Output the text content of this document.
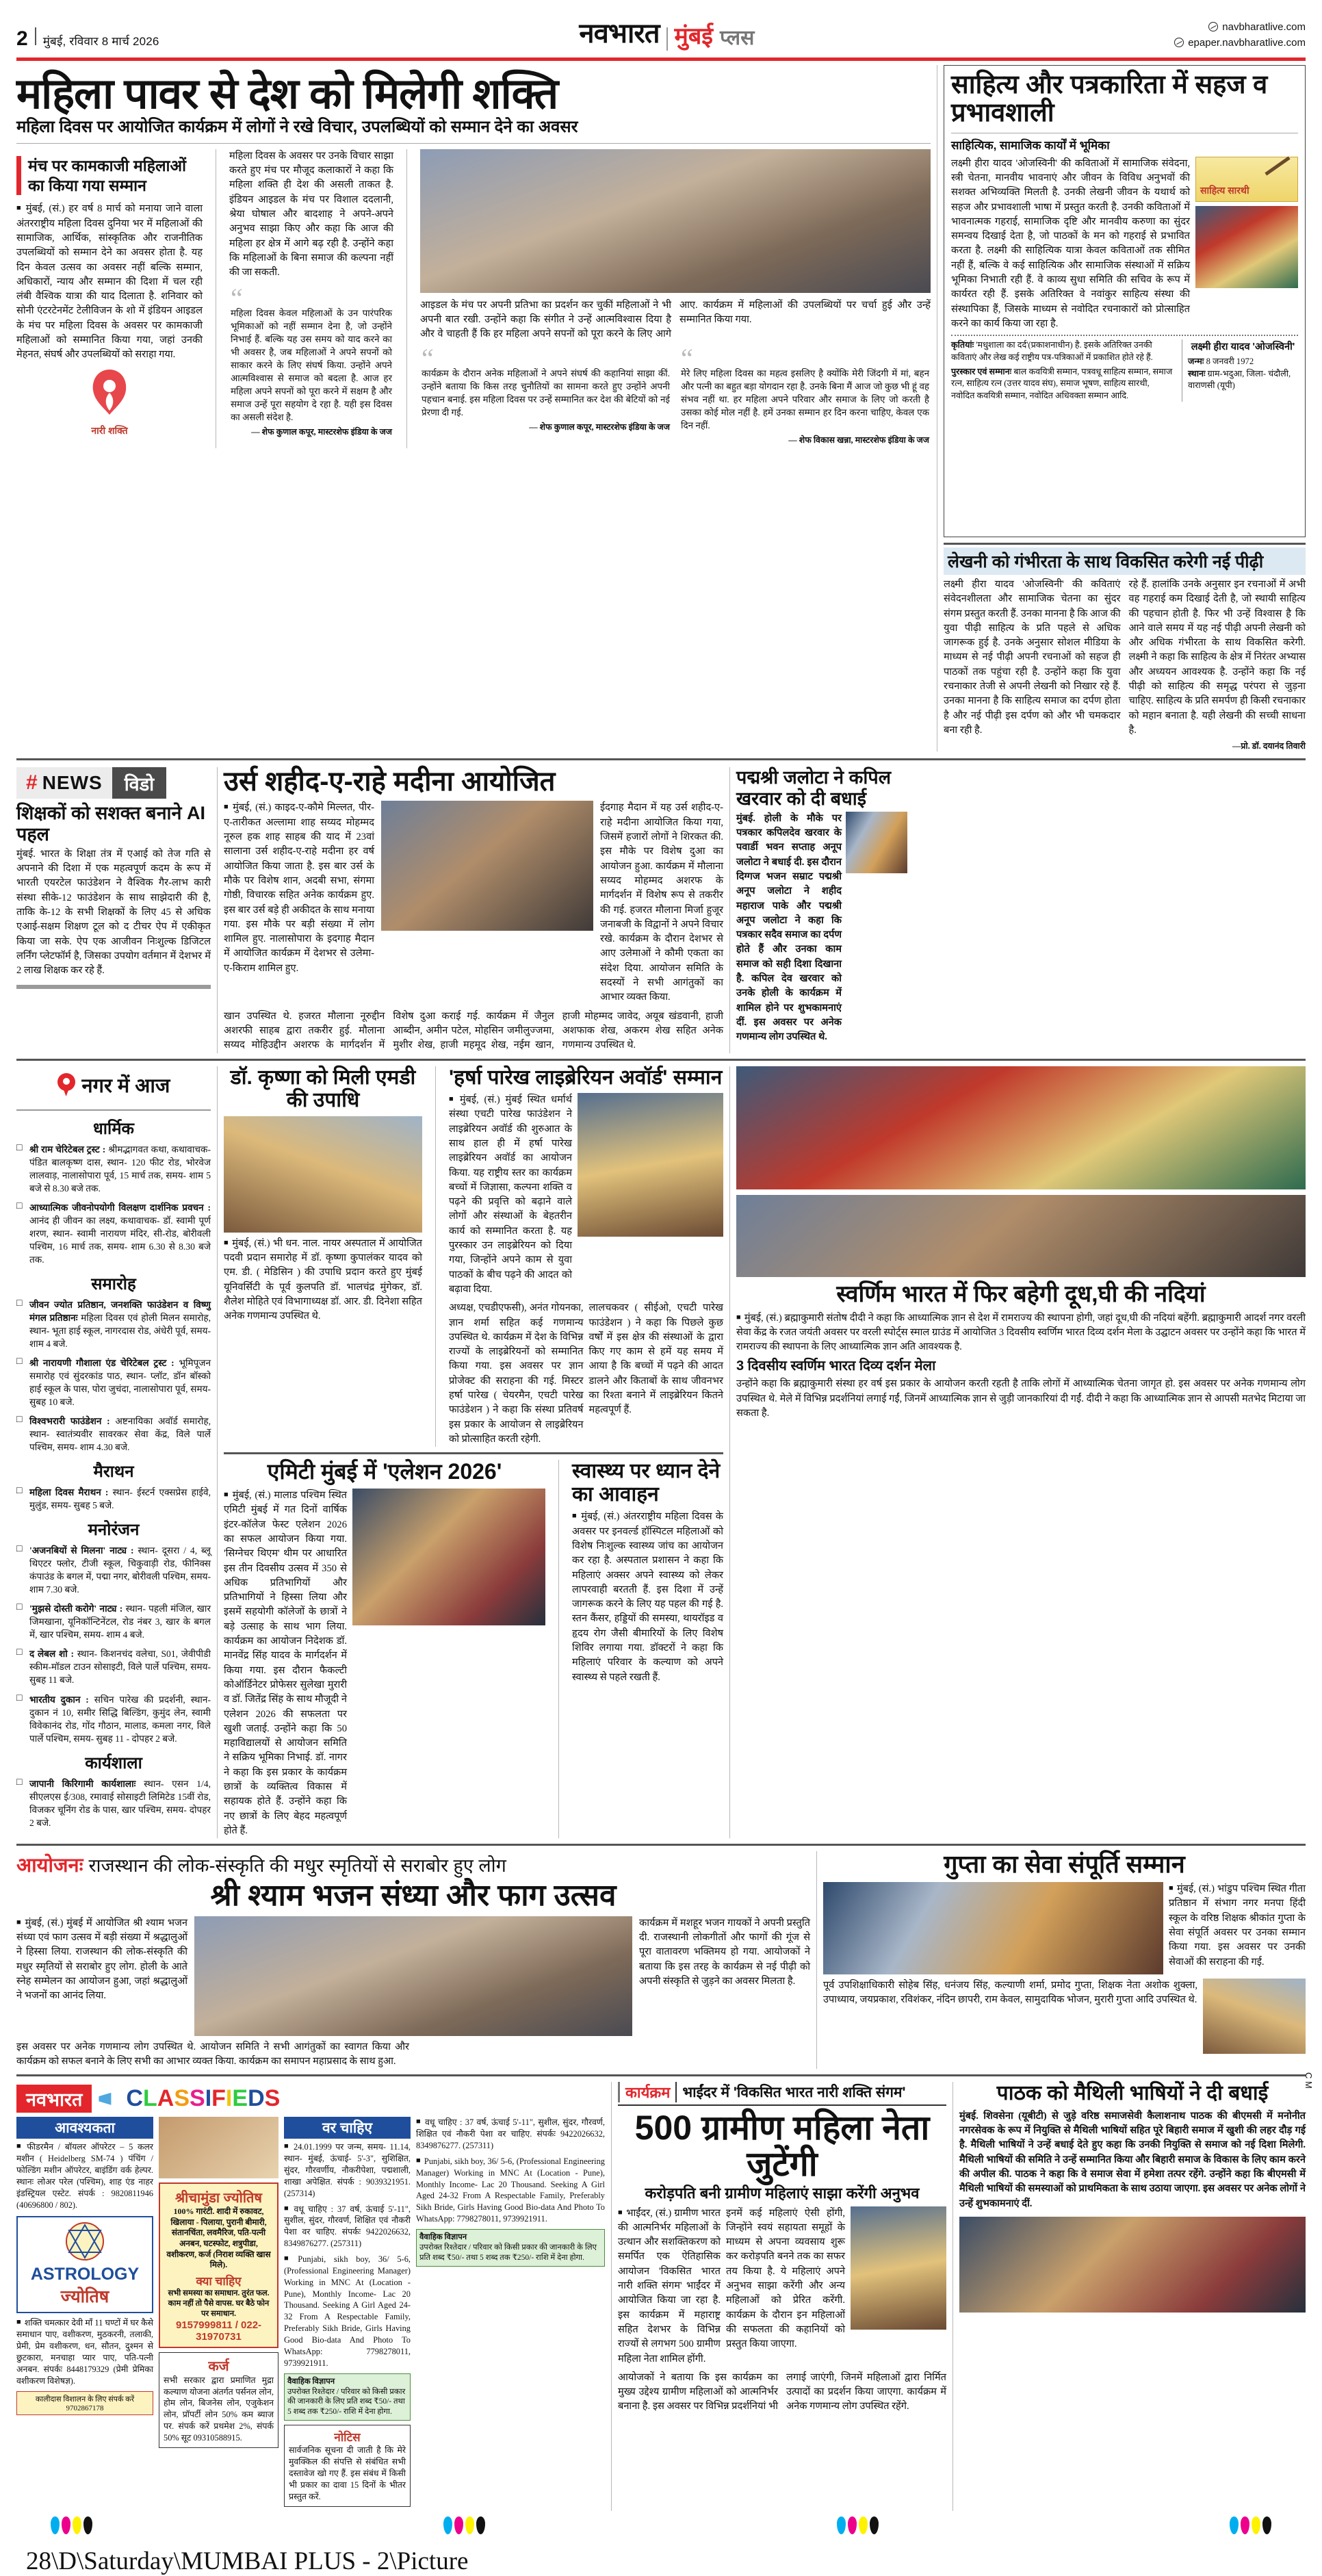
2 मुंबई, रविवार 8 मार्च 2026	नवभारत मुंबई प्लस	navbharatlive.com
epaper.navbharatlive.com
महिला पावर से देश को मिलेगी शक्ति
महिला दिवस पर आयोजित कार्यक्रम में लोगों ने रखे विचार, उपलब्धियों को सम्मान देने का अवसर
मंच पर कामकाजी महिलाओं का किया गया सम्मान
■ मुंबई, (सं.) हर वर्ष 8 मार्च को मनाया जाने वाला अंतरराष्ट्रीय महिला दिवस दुनिया भर में महिलाओं की सामाजिक, आर्थिक, सांस्कृतिक और राजनीतिक उपलब्धियों को सम्मान देने का अवसर होता है. यह दिन केवल उत्सव का अवसर नहीं बल्कि सम्मान, अधिकारों, न्याय और सम्मान की दिशा में चल रही लंबी वैश्विक यात्रा की याद दिलाता है. शनिवार को सोनी एंटरटेनमेंट टेलीविजन के शो में इंडियन आइडल के मंच पर महिला दिवस के अवसर पर कामकाजी महिलाओं को सम्मानित किया गया, जहां उनकी मेहनत, संघर्ष और उपलब्धियों को सराहा गया.
नारी शक्ति
महिला दिवस के अवसर पर उनके विचार साझा करते हुए मंच पर मौजूद कलाकारों ने कहा कि महिला शक्ति ही देश की असली ताकत है. इंडियन आइडल के मंच पर विशाल ददलानी, श्रेया घोषाल और बादशाह ने अपने-अपने अनुभव साझा किए और कहा कि आज की महिला हर क्षेत्र में आगे बढ़ रही है. उन्होंने कहा कि महिलाओं के बिना समाज की कल्पना नहीं की जा सकती.
“
महिला दिवस केवल महिलाओं के उन पारंपरिक भूमिकाओं को नहीं सम्मान देना है, जो उन्होंने निभाई हैं. बल्कि यह उस समय को याद करने का भी अवसर है, जब महिलाओं ने अपने सपनों को साकार करने के लिए संघर्ष किया. उन्होंने अपने आत्मविश्वास से समाज को बदला है. आज हर महिला अपने सपनों को पूरा करने में सक्षम है और समाज उन्हें पूरा सहयोग दे रहा है. यही इस दिवस का असली संदेश है.
— शेफ कुणाल कपूर, मास्टरशेफ इंडिया के जज
आइडल के मंच पर अपनी प्रतिभा का प्रदर्शन कर चुकीं महिलाओं ने भी अपनी बात रखी. उन्होंने कहा कि संगीत ने उन्हें आत्मविश्वास दिया है और वे चाहती हैं कि हर महिला अपने सपनों को पूरा करने के लिए आगे आए. कार्यक्रम में महिलाओं की उपलब्धियों पर चर्चा हुई और उन्हें सम्मानित किया गया.
“
कार्यक्रम के दौरान अनेक महिलाओं ने अपने संघर्ष की कहानियां साझा कीं. उन्होंने बताया कि किस तरह चुनौतियों का सामना करते हुए उन्होंने अपनी पहचान बनाई. इस महिला दिवस पर उन्हें सम्मानित कर देश की बेटियों को नई प्रेरणा दी गई.
— शेफ कुणाल कपूर, मास्टरशेफ इंडिया के जज
“
मेरे लिए महिला दिवस का महत्व इसलिए है क्योंकि मेरी जिंदगी में मां, बहन और पत्नी का बहुत बड़ा योगदान रहा है. उनके बिना मैं आज जो कुछ भी हूं वह संभव नहीं था. हर महिला अपने परिवार और समाज के लिए जो करती है उसका कोई मोल नहीं है. हमें उनका सम्मान हर दिन करना चाहिए, केवल एक दिन नहीं.
— शेफ विकास खन्ना, मास्टरशेफ इंडिया के जज
साहित्य और पत्रकारिता में सहज व प्रभावशाली
साहित्यिक, सामाजिक कार्यों में भूमिका
लक्ष्मी हीरा यादव 'ओजस्विनी' की कविताओं में सामाजिक संवेदना, स्त्री चेतना, मानवीय भावनाएं और जीवन के विविध अनुभवों की सशक्त अभिव्यक्ति मिलती है. उनकी लेखनी जीवन के यथार्थ को सहज और प्रभावशाली भाषा में प्रस्तुत करती है. उनकी कविताओं में भावनात्मक गहराई, सामाजिक दृष्टि और मानवीय करुणा का सुंदर समन्वय दिखाई देता है, जो पाठकों के मन को गहराई से प्रभावित करता है. लक्ष्मी की साहित्यिक यात्रा केवल कविताओं तक सीमित नहीं हैं, बल्कि वे कई साहित्यिक और सामाजिक संस्थाओं में सक्रिय भूमिका निभाती रही हैं. वे काव्य सुधा समिति की सचिव के रूप में कार्यरत रही हैं. इसके अतिरिक्त वे नवांकुर साहित्य संस्था की संस्थापिका हैं, जिसके माध्यम से नवोदित रचनाकारों को प्रोत्साहित करने का कार्य किया जा रहा है.
साहित्य सारथी
कृतियांः 'मधुशाला का दर्द'(प्रकाशनाधीन) है. इसके अतिरिक्त उनकी कविताएं और लेख कई राष्ट्रीय पत्र-पत्रिकाओं में प्रकाशित होते रहे हैं.
पुरस्कार एवं सम्मानः बाल कवयित्री सम्मान, पत्रवधू साहित्य सम्मान, समाज रत्न, साहित्य रत्न (उत्तर यादव संघ), समाज भूषण, साहित्य सारथी, नवोदित कवयित्री सम्मान, नवोदित अधिवक्ता सम्मान आदि.
लक्ष्मी हीरा यादव 'ओजस्विनी'
जन्मः 8 जनवरी 1972
स्थानः ग्राम-भदुआ, जिला- चंदौली, वाराणसी (यूपी)
लेखनी को गंभीरता के साथ विकसित करेगी नई पीढ़ी
लक्ष्मी हीरा यादव 'ओजस्विनी' की कविताएं संवेदनशीलता और सामाजिक चेतना का सुंदर संगम प्रस्तुत करती हैं. उनका मानना है कि आज की युवा पीढ़ी साहित्य के प्रति पहले से अधिक जागरूक हुई है. उनके अनुसार सोशल मीडिया के माध्यम से नई पीढ़ी अपनी रचनाओं को सहज ही पाठकों तक पहुंचा रही है. उन्होंने कहा कि युवा रचनाकार तेजी से अपनी लेखनी को निखार रहे हैं. उनका मानना है कि साहित्य समाज का दर्पण होता है और नई पीढ़ी इस दर्पण को और भी चमकदार बना रही है.
रहे हैं. हालांकि उनके अनुसार इन रचनाओं में अभी वह गहराई कम दिखाई देती है, जो स्थायी साहित्य की पहचान होती है. फिर भी उन्हें विश्वास है कि आने वाले समय में यह नई पीढ़ी अपनी लेखनी को और अधिक गंभीरता के साथ विकसित करेगी. लक्ष्मी ने कहा कि साहित्य के क्षेत्र में निरंतर अभ्यास और अध्ययन आवश्यक है. उन्होंने कहा कि नई पीढ़ी को साहित्य की समृद्ध परंपरा से जुड़ना चाहिए. साहित्य के प्रति समर्पण ही किसी रचनाकार को महान बनाता है. यही लेखनी की सच्ची साधना है.
—प्रो. डॉ. दयानंद तिवारी
# NEWS	विडो
शिक्षकों को सशक्त बनाने AI पहल
मुंबई. भारत के शिक्षा तंत्र में एआई को तेज गति से अपनाने की दिशा में एक महत्वपूर्ण कदम के रूप में भारती एयरटेल फाउंडेशन ने वैश्विक गैर-लाभ कारी संस्था सीके-12 फाउंडेशन के साथ साझेदारी की है, ताकि के-12 के सभी शिक्षकों के लिए 45 से अधिक एआई-सक्षम शिक्षण टूल को द टीचर ऐप में एकीकृत किया जा सके. ऐप एक आजीवन निःशुल्क डिजिटल लर्निंग प्लेटफॉर्म है, जिसका उपयोग वर्तमान में देशभर में 2 लाख शिक्षक कर रहे हैं.
उर्स शहीद-ए-राहे मदीना आयोजित
■ मुंबई, (सं.) काइद-ए-कौमे मिल्लत, पीर-ए-तारीकत अल्लामा शाह सय्यद मोहम्मद नूरुल हक शाह साहब की याद में 23वां सालाना उर्स शहीद-ए-राहे मदीना हर वर्ष आयोजित किया जाता है. इस बार उर्स के मौके पर विशेष शान, अदबी सभा, संगमा गोष्ठी, विचारक सहित अनेक कार्यक्रम हुए. इस बार उर्स बड़े ही अकीदत के साथ मनाया गया. इस मौके पर बड़ी संख्या में लोग शामिल हुए. नालासोपारा के इदगाह मैदान में आयोजित कार्यक्रम में देशभर से उलेमा-ए-किराम शामिल हुए.
ईदगाह मैदान में यह उर्स शहीद-ए-राहे मदीना आयोजित किया गया, जिसमें हजारों लोगों ने शिरकत की. इस मौके पर विशेष दुआ का आयोजन हुआ. कार्यक्रम में मौलाना सय्यद मोहम्मद अशरफ के मार्गदर्शन में विशेष रूप से तकरीर की गई. हजरत मौलाना मिर्जा हुजूर जनाबजी के विद्वानों ने अपने विचार रखे. कार्यक्रम के दौरान देशभर से आए उलेमाओं ने कौमी एकता का संदेश दिया. आयोजन समिति के सदस्यों ने सभी आगंतुकों का आभार व्यक्त किया.
खान उपस्थित थे. हजरत मौलाना नूरुद्दीन अशरफी साहब द्वारा तकरीर हुई. मौलाना सय्यद मोहिउद्दीन अशरफ के मार्गदर्शन में विशेष दुआ कराई गई. कार्यक्रम में जैनुल आब्दीन, अमीन पटेल, मोहसिन जमीलुज्जमा, मुशीर शेख, हाजी महमूद शेख, नईम खान, हाजी मोहम्मद जावेद, अयूब खंडवानी, हाजी अशफाक शेख, अकरम शेख सहित अनेक गणमान्य उपस्थित थे.
पद्मश्री जलोटा ने कपिल खरवार को दी बधाई
मुंबई. होली के मौके पर पत्रकार कपिलदेव खरवार के पवार्डी भवन सप्ताह अनूप जलोटा ने बधाई दी. इस दौरान दिग्गज भजन सम्राट पद्मश्री अनूप जलोटा ने शहीद महाराज पाके और पद्मश्री अनूप जलोटा ने कहा कि पत्रकार सदैव समाज का दर्पण होते हैं और उनका काम समाज को सही दिशा दिखाना है. कपिल देव खरवार को उनके होली के कार्यक्रम में शामिल होने पर शुभकामनाएं दीं. इस अवसर पर अनेक गणमान्य लोग उपस्थित थे.
नगर में आज
धार्मिक
□ श्री राम चेरिटेबल ट्रस्ट : श्रीमद्भागवत कथा, कथावाचक- पंडित बालकृष्ण दास, स्थान- 120 फीट रोड, भोरवेज लालवाड़, नालासोपारा पूर्व, 15 मार्च तक, समय- शाम 5 बजे से 8.30 बजे तक.
□ आध्यात्मिक जीवनोपयोगी विलक्षण दार्शनिक प्रवचन : आनंद ही जीवन का लक्ष्य, कथावाचक- डॉ. स्वामी पूर्ण शरण, स्थान- स्वामी नारायण मंदिर, सी-रोड, बोरीवली पश्चिम, 16 मार्च तक, समय- शाम 6.30 से 8.30 बजे तक.
समारोह
□ जीवन ज्योत प्रतिष्ठान, जनशक्ति फाउंडेशन व विष्णु मंगल प्रतिष्ठानः महिला दिवस एवं होली मिलन समारोह, स्थान- भूता हाई स्कूल, नागरदास रोड, अंधेरी पूर्व, समय- शाम 4 बजे.
□ श्री नारायणी गौशाला एंड चेरिटेबल ट्रस्ट : भूमिपूजन समारोह एवं सुंदरकांड पाठ, स्थान- प्लॉट, डॉन बॉस्को हाई स्कूल के पास, पोरा जुचंदा, नालासोपारा पूर्व, समय- सुबह 10 बजे.
□ विश्वभरारी फाउंडेशन : अष्टनायिका अवॉर्ड समारोह, स्थान- स्वातंत्र्यवीर सावरकर सेवा केंद्र, विले पार्ले पश्चिम, समय- शाम 4.30 बजे.
मैराथन
□ महिला दिवस मैराथन : स्थान- ईस्टर्न एक्सप्रेस हाईवे, मुलुंड, समय- सुबह 5 बजे.
मनोरंजन
□ 'अजनबियों से मिलना' नाट्य : स्थान- दूसरा / 4, ब्लू थिएटर फ्लोर, टीजी स्कूल, चिकुवाड़ी रोड, फीनिक्स कंपाउंड के बगल में, पद्मा नगर, बोरीवली पश्चिम, समय- शाम 7.30 बजे.
□ 'मुझसे दोस्ती करोगे' नाट्य : स्थान- पहली मंजिल, खार जिमखाना, यूनिकॉन्टिनेंटल, रोड नंबर 3, खार के बगल में, खार पश्चिम, समय- शाम 4 बजे.
□ द लेबल शो : स्थान- किशनचंद वलेचा, S01, जेवीपीडी स्कीम-मॉडल टाउन सोसाइटी, विले पार्ले पश्चिम, समय- सुबह 11 बजे.
□ भारतीय दुकान : सचिन पारेख की प्रदर्शनी, स्थान- दुकान नं 10, समीर सिद्धि बिल्डिंग, कुमुंद लेन, स्वामी विवेकानंद रोड, गोंद गौठान, मालाड, कमला नगर, विले पार्ले पश्चिम, समय- सुबह 11 - दोपहर 2 बजे.
कार्यशाला
□ जापानी किरिगामी कार्यशालाः स्थान- एसन 1/4, सीएलएस ई/308, रमावाई सोसाइटी लिमिटेड 15वीं रोड, विजकर चूनिंग रोड के पास, खार पश्चिम, समय- दोपहर 2 बजे.
डॉ. कृष्णा को मिली एमडी की उपाधि
■ मुंबई, (सं.) भी धन. नाल. नायर अस्पताल में आयोजित पदवी प्रदान समारोह में डॉ. कृष्णा कुपालंकर यादव को एम. डी. ( मेडिसिन ) की उपाधि प्रदान करते हुए मुंबई यूनिवर्सिटी के पूर्व कुलपति डॉ. भालचंद्र मुंगेकर, डॉ. शैलेश मोहिते एवं विभागाध्यक्ष डॉ. आर. डी. दिनेशा सहित अनेक गणमान्य उपस्थित थे.
'हर्षा पारेख लाइब्रेरियन अवॉर्ड' सम्मान
■ मुंबई, (सं.) मुंबई स्थित धर्मार्थ संस्था एचटी पारेख फाउंडेशन ने लाइब्रेरियन अवॉर्ड की शुरुआत के साथ हाल ही में हर्षा पारेख लाइब्रेरियन अवॉर्ड का आयोजन किया. यह राष्ट्रीय स्तर का कार्यक्रम बच्चों में जिज्ञासा, कल्पना शक्ति व पढ़ने की प्रवृत्ति को बढ़ाने वाले लोगों और संस्थाओं के बेहतरीन कार्य को सम्मानित करता है. यह पुरस्कार उन लाइब्रेरियन को दिया गया, जिन्होंने अपने काम से युवा पाठकों के बीच पढ़ने की आदत को बढ़ावा दिया.
अध्यक्ष, एचडीएफसी), अनंत गोयनका, ज्ञान शर्मा सहित कई गणमान्य उपस्थित थे. कार्यक्रम में देश के विभिन्न राज्यों के लाइब्रेरियनों को सम्मानित किया गया. इस अवसर पर ज्ञान प्रोजेक्ट की सराहना की गई. मिस्टर हर्षा पारेख ( चेयरमैन, एचटी पारेख फाउंडेशन ) ने कहा कि संस्था प्रतिवर्ष इस प्रकार के आयोजन से लाइब्रेरियन को प्रोत्साहित करती रहेगी.
लालचकवर ( सीईओ, एचटी पारेख फाउंडेशन ) ने कहा कि पिछले कुछ वर्षों में इस क्षेत्र की संस्थाओं के द्वारा किए गए काम से हमें यह समय में आया है कि बच्चों में पढ़ने की आदत डालने और किताबों के साथ जीवनभर का रिश्ता बनाने में लाइब्रेरियन कितने महत्वपूर्ण हैं.
एमिटी मुंबई में 'एलेशन 2026'
■ मुंबई, (सं.) मालाड पश्चिम स्थित एमिटी मुंबई में गत दिनों वार्षिक इंटर-कॉलेज फेस्ट एलेशन 2026 का सफल आयोजन किया गया. 'सिग्नेचर थिएम' थीम पर आधारित इस तीन दिवसीय उत्सव में 350 से अधिक प्रतिभागियों और प्रतिभागियों ने हिस्सा लिया और इसमें सहयोगी कॉलेजों के छात्रों ने बड़े उत्साह के साथ भाग लिया. कार्यक्रम का आयोजन निदेशक डॉ. मानवेंद्र सिंह यादव के मार्गदर्शन में किया गया. इस दौरान फैकल्टी कोऑर्डिनेटर प्रोफेसर सुलेखा मुरारी व डॉ. जितेंद्र सिंह के साथ मौजूदी ने एलेशन 2026 की सफलता पर खुशी जताई. उन्होंने कहा कि 50 महाविद्यालयों से आयोजन समिति ने सक्रिय भूमिका निभाई. डॉ. नागर ने कहा कि इस प्रकार के कार्यक्रम छात्रों के व्यक्तित्व विकास में सहायक होते हैं. उन्होंने कहा कि नए छात्रों के लिए बेहद महत्वपूर्ण होते हैं.
स्वास्थ्य पर ध्यान देने का आवाहन
■ मुंबई, (सं.) अंतरराष्ट्रीय महिला दिवस के अवसर पर इनवर्ल्ड हॉस्पिटल महिलाओं को विशेष निःशुल्क स्वास्थ्य जांच का आयोजन कर रहा है. अस्पताल प्रशासन ने कहा कि महिलाएं अक्सर अपने स्वास्थ्य को लेकर लापरवाही बरतती हैं. इस दिशा में उन्हें जागरूक करने के लिए यह पहल की गई है. स्तन कैंसर, हड्डियों की समस्या, थायरॉइड व हृदय रोग जैसी बीमारियों के लिए विशेष शिविर लगाया गया. डॉक्टरों ने कहा कि महिलाएं परिवार के कल्याण को अपने स्वास्थ्य से पहले रखती हैं.
स्वर्णिम भारत में फिर बहेगी दूध,घी की नदियां
■ मुंबई, (सं.) ब्रह्माकुमारी संतोष दीदी ने कहा कि आध्यात्मिक ज्ञान से देश में रामराज्य की स्थापना होगी, जहां दूध,घी की नदियां बहेंगी. ब्रह्माकुमारी आदर्श नगर वरली सेवा केंद्र के रजत जयंती अवसर पर वरली स्पोर्ट्स स्माल ग्राउंड में आयोजित 3 दिवसीय स्वर्णिम भारत दिव्य दर्शन मेला के उद्घाटन अवसर पर उन्होंने कहा कि भारत में रामराज्य की स्थापना के लिए आध्यात्मिक ज्ञान अति आवश्यक है.
3 दिवसीय स्वर्णिम भारत दिव्य दर्शन मेला
उन्होंने कहा कि ब्रह्माकुमारी संस्था हर वर्ष इस प्रकार के आयोजन करती रहती है ताकि लोगों में आध्यात्मिक चेतना जागृत हो. इस अवसर पर अनेक गणमान्य लोग उपस्थित थे. मेले में विभिन्न प्रदर्शनियां लगाई गईं, जिनमें आध्यात्मिक ज्ञान से जुड़ी जानकारियां दी गईं. दीदी ने कहा कि आध्यात्मिक ज्ञान से आपसी मतभेद मिटाया जा सकता है.
आयोजनः राजस्थान की लोक-संस्कृति की मधुर स्मृतियों से सराबोर हुए लोग
श्री श्याम भजन संध्या और फाग उत्सव
■ मुंबई, (सं.) मुंबई में आयोजित श्री श्याम भजन संध्या एवं फाग उत्सव में बड़ी संख्या में श्रद्धालुओं ने हिस्सा लिया. राजस्थान की लोक-संस्कृति की मधुर स्मृतियों से सराबोर हुए लोग. होली के आते स्नेह सम्मेलन का आयोजन हुआ, जहां श्रद्धालुओं ने भजनों का आनंद लिया.
कार्यक्रम में मशहूर भजन गायकों ने अपनी प्रस्तुति दी. राजस्थानी लोकगीतों और फागों की गूंज से पूरा वातावरण भक्तिमय हो गया. आयोजकों ने बताया कि इस तरह के कार्यक्रम से नई पीढ़ी को अपनी संस्कृति से जुड़ने का अवसर मिलता है.
इस अवसर पर अनेक गणमान्य लोग उपस्थित थे. आयोजन समिति ने सभी आगंतुकों का स्वागत किया और कार्यक्रम को सफल बनाने के लिए सभी का आभार व्यक्त किया. कार्यक्रम का समापन महाप्रसाद के साथ हुआ.
गुप्ता का सेवा संपूर्ति सम्मान
■ मुंबई, (सं.) भांडुप पश्चिम स्थित गीता प्रतिष्ठान में संभाग नगर मनपा हिंदी स्कूल के वरिष्ठ शिक्षक श्रीकांत गुप्ता के सेवा संपूर्ति अवसर पर उनका सम्मान किया गया. इस अवसर पर उनकी सेवाओं की सराहना की गई.
पूर्व उपशिक्षाधिकारी सोहेब सिंह, धनंजय सिंह, कल्याणी शर्मा, प्रमोद गुप्ता, शिक्षक नेता अशोक शुक्ला, उपाध्याय, जयप्रकाश, रविशंकर, नंदिन छापरी, राम केवल, सामुदायिक भोजन, मुरारी गुप्ता आदि उपस्थित थे.
नवभारत	CLASSIFIEDS
आवश्यकता
■ फीडरमैन / बॉयलर ऑपरेटर – 5 कलर मशीन ( Heidelberg SM-74 ) पंचिंग / फोल्डिंग मशीन ऑपरेटर, बाइंडिंग वर्क हेल्पर. स्थानः लोअर परेल (पश्चिम), शाह एंड नाहर इंडस्ट्रियल एस्टेट. संपर्क : 9820811946 (40696800 / 802).
ASTROLOGY
ज्योतिष
■ शक्ति चमत्कार देवी माँ 11 घण्टों में घर कैसे समाधान पाए, वशीकरण, मुठकरनी, तलाकी, प्रेमी, प्रेम वशीकरण, धन, सौतन, दुश्मन से छुटकारा, मनचाहा प्यार पाए, पति-पत्नी अनबन. संपर्कः 8448179329 (प्रेमी प्रेमिका वशीकरण विशेषज्ञ).
कालीदास विशालन के लिए संपर्क करें 9702867178
श्रीचामुंडा ज्योतिष
100% गारंटी. शादी में रुकावट, खिलाया - पिलाया, पुरानी बीमारी, संतानचिंता, लवमैरिज, पति-पत्नी अनबन, घटस्फोट, शत्रुपीडा, वशीकरण, कर्ज (निराश व्यक्ति खास मिले).
क्या चाहिए
सभी समस्या का समाधान. तुरंत फल. काम नहीं तो पैसे वापस. घर बैठे फोन पर समाधान.
9157999811 / 022-31970731
कर्ज
सभी सरकार द्वारा प्रमाणित मुद्रा कल्याण योजना अंतर्गत पर्सनल लोन, होम लोन, बिजनेस लोन, एजुकेशन लोन, प्रॉपर्टी लोन 50% कम ब्याज पर. संपर्क करें प्रथमेश 2%, संपर्क 50% सूट 09310588915.
वर चाहिए
■ 24.01.1999 पर जन्म, समय- 11.14, स्थान- मुंबई, ऊंचाई- 5'-3", सुशिक्षित, सुंदर, गौरवर्णीय, नौकरीपेशा, पद्मशाली, शाखा अपेक्षित. संपर्क : 9039321951. (257314)
■ वधू चाहिए : 37 वर्ष, ऊंचाई 5'-11", सुशील, सुंदर, गौरवर्ण, शिक्षित एवं नौकरी पेशा वर चाहिए. संपर्कः 9422026632, 8349876277. (257311)
■ Punjabi, sikh boy, 36/ 5-6, (Professional Engineering Manager) Working in MNC At (Location - Pune), Monthly Income- Lac 20 Thousand. Seeking A Girl Aged 24-32 From A Respectable Family, Preferably Sikh Bride, Girls Having Good Bio-data And Photo To WhatsApp: 7798278011, 9739921911.
वैवाहिक विज्ञापन
उपरोक्त रिश्तेदार / परिवार को किसी प्रकार की जानकारी के लिए प्रति शब्द ₹50/- तथा 5 शब्द तक ₹250/- राशि में देना होगा.
नोटिस
सार्वजनिक सूचना दी जाती है कि मेरे मुवक्किल की संपत्ति से संबंधित सभी दस्तावेज खो गए हैं. इस संबंध में किसी भी प्रकार का दावा 15 दिनों के भीतर प्रस्तुत करें.
■ वधू चाहिए : 37 वर्ष, ऊंचाई 5'-11", सुशील, सुंदर, गौरवर्ण, शिक्षित एवं नौकरी पेशा वर चाहिए. संपर्कः 9422026632, 8349876277. (257311)
■ Punjabi, sikh boy, 36/ 5-6, (Professional Engineering Manager) Working in MNC At (Location - Pune), Monthly Income- Lac 20 Thousand. Seeking A Girl Aged 24-32 From A Respectable Family, Preferably Sikh Bride, Girls Having Good Bio-data And Photo To WhatsApp: 7798278011, 9739921911.
वैवाहिक विज्ञापन
उपरोक्त रिश्तेदार / परिवार को किसी प्रकार की जानकारी के लिए प्रति शब्द ₹50/- तथा 5 शब्द तक ₹250/- राशि में देना होगा.
कार्यक्रम भाईंदर में 'विकसित भारत नारी शक्ति संगम'
500 ग्रामीण महिला नेता जुटेंगी
करोड़पति बनी ग्रामीण महिलाएं साझा करेंगी अनुभव
■ भाईंदर, (सं.) ग्रामीण भारत की आत्मनिर्भर महिलाओं के उत्थान और सशक्तिकरण को समर्पित एक ऐतिहासिक आयोजन 'विकसित भारत नारी शक्ति संगम' भाईंदर में आयोजित किया जा रहा है. इस कार्यक्रम में महाराष्ट्र सहित देशभर के विभिन्न राज्यों से लगभग 500 ग्रामीण महिला नेता शामिल होंगी.
इनमें कई महिलाएं ऐसी होंगी, जिन्होंने स्वयं सहायता समूहों के माध्यम से अपना व्यवसाय शुरू कर करोड़पति बनने तक का सफर तय किया है. ये महिलाएं अपने अनुभव साझा करेंगी और अन्य महिलाओं को प्रेरित करेंगी. कार्यक्रम के दौरान इन महिलाओं की सफलता की कहानियों को प्रस्तुत किया जाएगा.
आयोजकों ने बताया कि इस कार्यक्रम का मुख्य उद्देश्य ग्रामीण महिलाओं को आत्मनिर्भर बनाना है. इस अवसर पर विभिन्न प्रदर्शनियां भी लगाई जाएंगी, जिनमें महिलाओं द्वारा निर्मित उत्पादों का प्रदर्शन किया जाएगा. कार्यक्रम में अनेक गणमान्य लोग उपस्थित रहेंगे.
पाठक को मैथिली भाषियों ने दी बधाई
मुंबई. शिवसेना (यूबीटी) से जुड़े वरिष्ठ समाजसेवी कैलाशनाथ पाठक की बीएमसी में मनोनीत नगरसेवक के रूप में नियुक्ति से मैथिली भाषियों सहित पूरे बिहारी समाज में खुशी की लहर दौड़ गई है. मैथिली भाषियों ने उन्हें बधाई देते हुए कहा कि उनकी नियुक्ति से समाज को नई दिशा मिलेगी. मैथिली भाषियों की समिति ने उन्हें सम्मानित किया और बिहारी समाज के विकास के लिए काम करने की अपील की. पाठक ने कहा कि वे समाज सेवा में हमेशा तत्पर रहेंगे. उन्होंने कहा कि बीएमसी में मैथिली भाषियों की समस्याओं को प्राथमिकता के साथ उठाया जाएगा. इस अवसर पर अनेक लोगों ने उन्हें शुभकामनाएं दीं.
28\D\Saturday\MUMBAI PLUS - 2\Picture
C M
